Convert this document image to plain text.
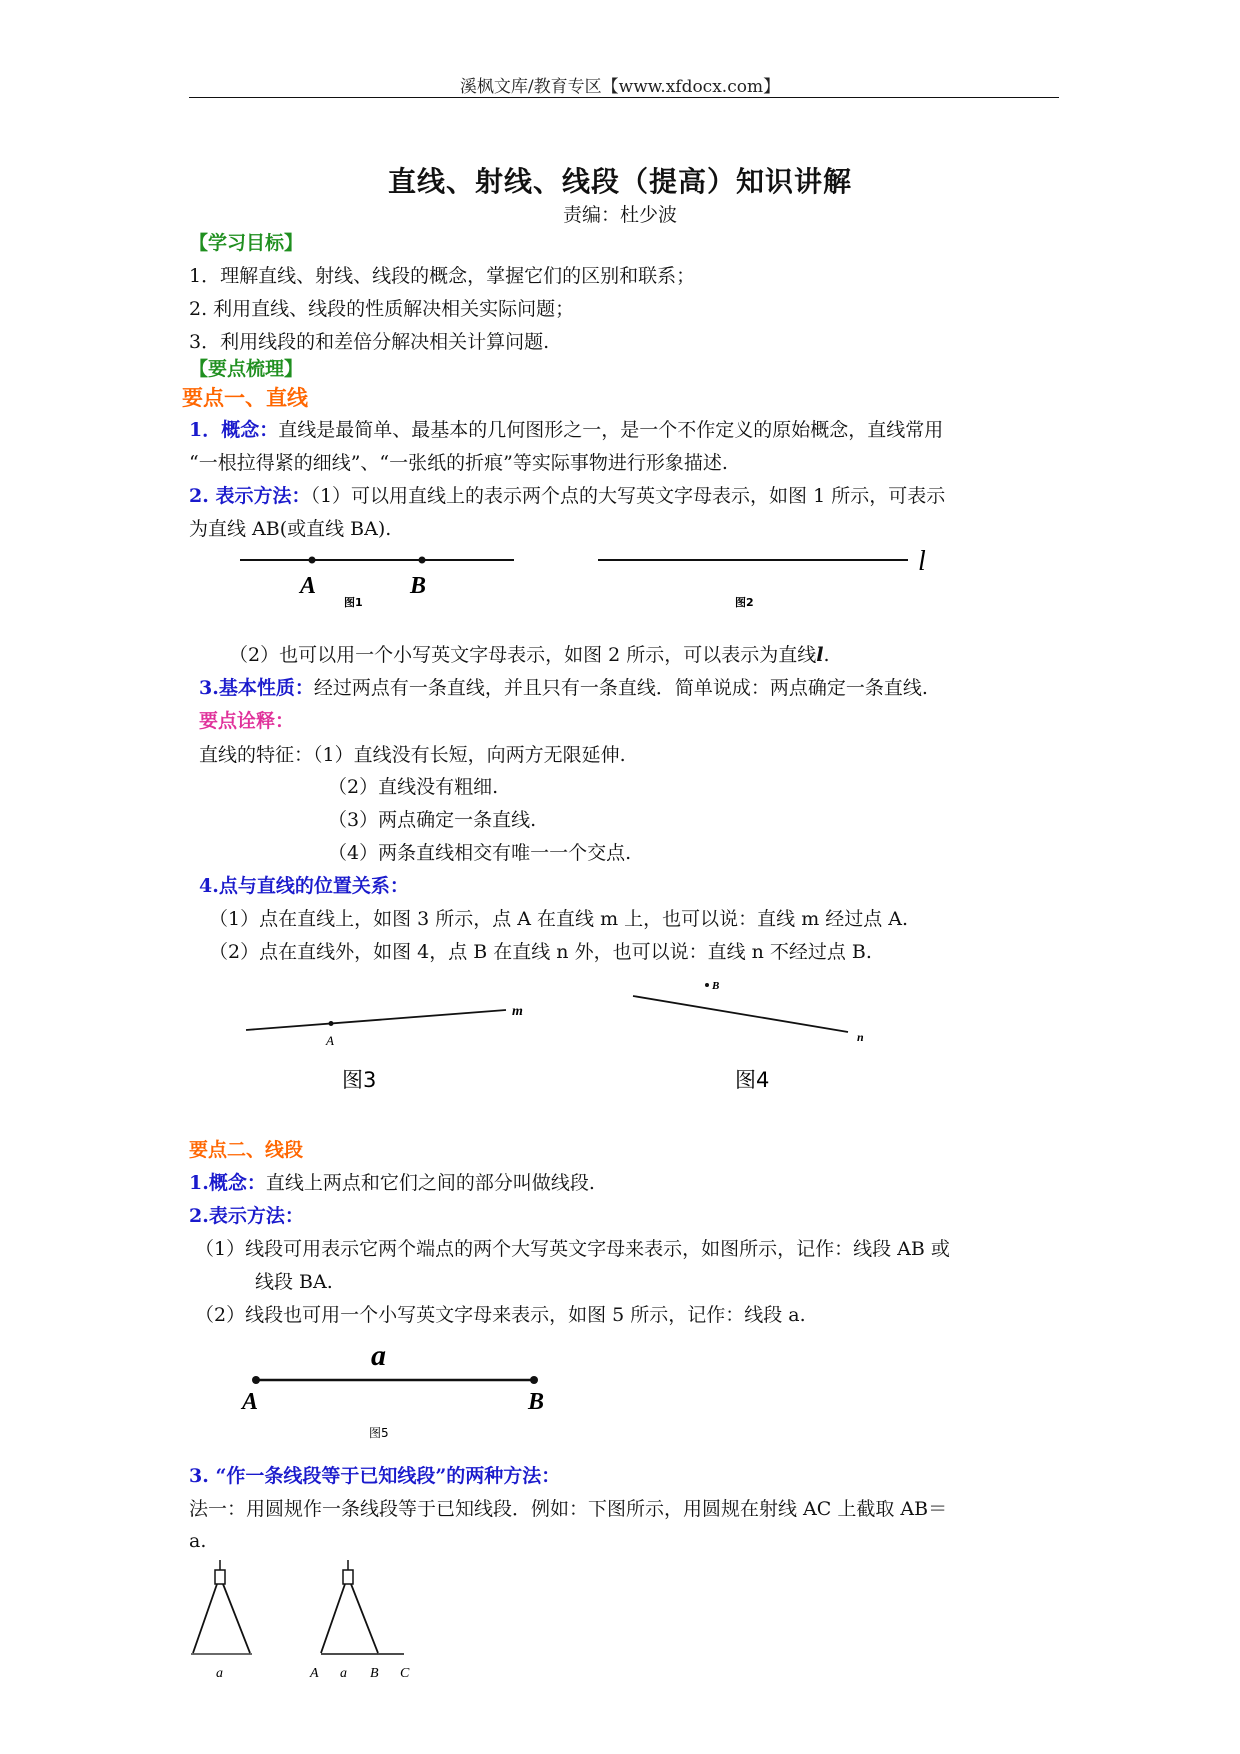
溪枫文库/教育专区【www.xfdocx.com】
直线、射线、线段（提高）知识讲解
责编：杜少波
【学习目标】
1．理解直线、射线、线段的概念，掌握它们的区别和联系；
2. 利用直线、线段的性质解决相关实际问题；
3．利用线段的和差倍分解决相关计算问题.
【要点梳理】
要点一、直线
1．概念：直线是最简单、最基本的几何图形之一，是一个不作定义的原始概念，直线常用
“一根拉得紧的细线”、“一张纸的折痕”等实际事物进行形象描述.
2. 表示方法：（1）可以用直线上的表示两个点的大写英文字母表示，如图 1 所示，可表示
为直线 AB(或直线 BA).
A	B
图1
l
图2
（2）也可以用一个小写英文字母表示，如图 2 所示，可以表示为直线l.
3.基本性质：经过两点有一条直线，并且只有一条直线．简单说成：两点确定一条直线.
要点诠释：
直线的特征：（1）直线没有长短，向两方无限延伸.
（2）直线没有粗细.
（3）两点确定一条直线.
（4）两条直线相交有唯一一个交点.
4.点与直线的位置关系：
（1）点在直线上，如图 3 所示，点 A 在直线 m 上，也可以说：直线 m 经过点 A.
（2）点在直线外，如图 4，点 B 在直线 n 外，也可以说：直线 n 不经过点 B.
A
m
图3
B
n
图4
要点二、线段
1.概念：直线上两点和它们之间的部分叫做线段.
2.表示方法：
（1）线段可用表示它两个端点的两个大写英文字母来表示，如图所示，记作：线段 AB 或
线段 BA.
（2）线段也可用一个小写英文字母来表示，如图 5 所示，记作：线段 a.
a
A	B
图5
3. “作一条线段等于已知线段”的两种方法：
法一：用圆规作一条线段等于已知线段．例如：下图所示，用圆规在射线 AC 上截取 AB＝
a.
a	A a B C
